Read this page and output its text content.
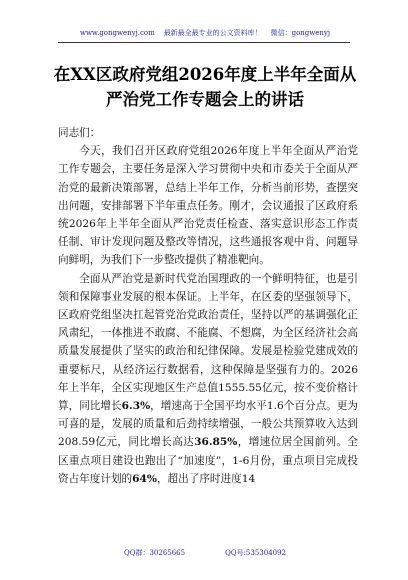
www.gongwenyj.com 最新最全最专业的公文资料库！ 微信：gongwenyj
在XX区政府党组2026年度上半年全面从
严治党工作专题会上的讲话

同志们：

今天，我们召开区政府党组2026年度上半年全面从严治党工作专题会，主要任务是深入学习贯彻中央和市委关于全面从严治党的最新决策部署，总结上半年工作，分析当前形势，查摆突出问题，安排部署下半年重点任务。刚才，会议通报了区政府系统2026年上半年全面从严治党责任检查、落实意识形态工作责任制、审计发现问题及整改等情况，这些通报客观中肯、问题导向鲜明，为我们下一步整改提供了精准靶向。

全面从严治党是新时代党治国理政的一个鲜明特征，也是引领和保障事业发展的根本保证。上半年，在区委的坚强领导下，区政府党组坚决扛起管党治党政治责任，坚持以严的基调强化正风肃纪，一体推进不敢腐、不能腐、不想腐，为全区经济社会高质量发展提供了坚实的政治和纪律保障。发展是检验党建成效的重要标尺，从经济运行数据看，这种保障是坚强有力的。2026年上半年，全区实现地区生产总值1555.55亿元，按不变价格计算，同比增长6.3%，增速高于全国平均水平1.6个百分点。更为可喜的是，发展的质量和后劲持续增强，一般公共预算收入达到208.59亿元，同比增长高达36.85%，增速位居全国前列。全区重点项目建设也跑出了“加速度”，1-6月份，重点项目完成投资占年度计划的64%，超出了序时进度14

QQ群：30265665	QQ号:535304092
